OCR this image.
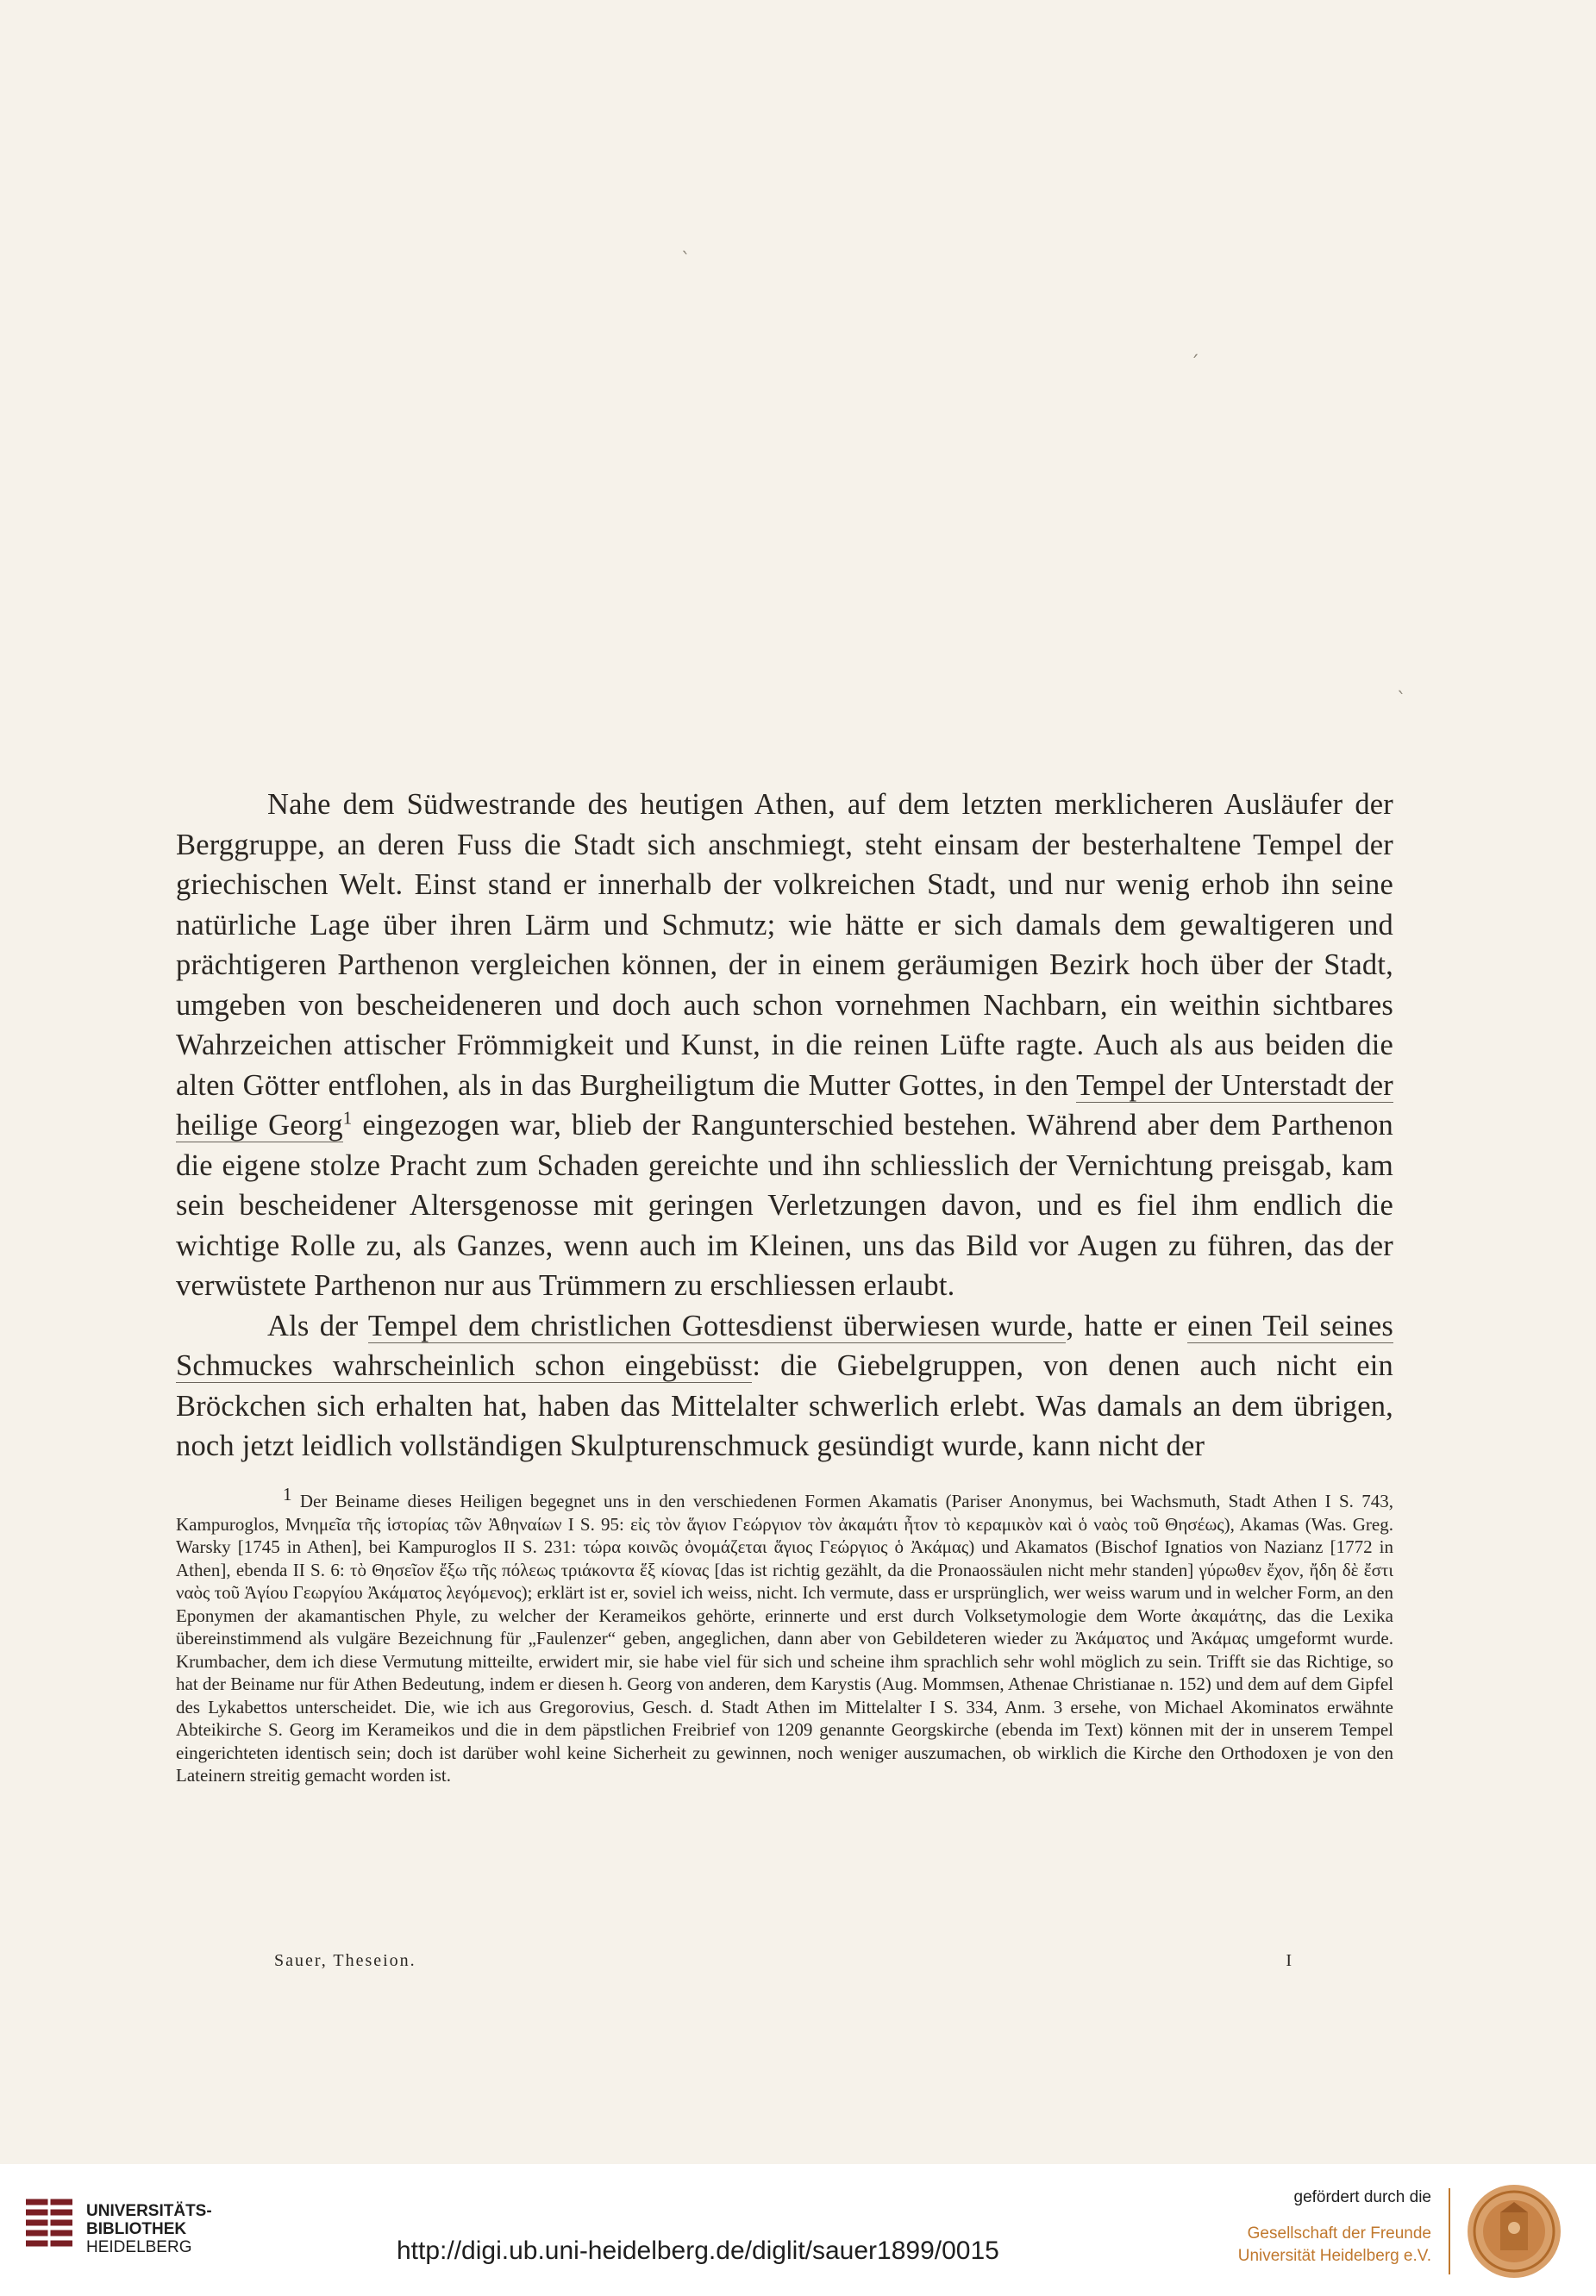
ˋ
ˊ
ˋ

Nahe dem Südwestrande des heutigen Athen, auf dem letzten merklicheren Ausläufer der Berggruppe, an deren Fuss die Stadt sich anschmiegt, steht einsam der besterhaltene Tempel der griechischen Welt. Einst stand er innerhalb der volkreichen Stadt, und nur wenig erhob ihn seine natürliche Lage über ihren Lärm und Schmutz; wie hätte er sich damals dem gewaltigeren und prächtigeren Parthenon vergleichen können, der in einem geräumigen Bezirk hoch über der Stadt, umgeben von bescheideneren und doch auch schon vornehmen Nachbarn, ein weithin sichtbares Wahrzeichen attischer Frömmigkeit und Kunst, in die reinen Lüfte ragte. Auch als aus beiden die alten Götter entflohen, als in das Burgheiligtum die Mutter Gottes, in den Tempel der Unterstadt der heilige Georg$^1$ eingezogen war, blieb der Rangunterschied bestehen. Während aber dem Parthenon die eigene stolze Pracht zum Schaden gereichte und ihn schliesslich der Vernichtung preisgab, kam sein bescheidener Altersgenosse mit geringen Verletzungen davon, und es fiel ihm endlich die wichtige Rolle zu, als Ganzes, wenn auch im Kleinen, uns das Bild vor Augen zu führen, das der verwüstete Parthenon nur aus Trümmern zu erschliessen erlaubt.

Als der Tempel dem christlichen Gottesdienst überwiesen wurde, hatte er einen Teil seines Schmuckes wahrscheinlich schon eingebüsst: die Giebelgruppen, von denen auch nicht ein Bröckchen sich erhalten hat, haben das Mittelalter schwerlich erlebt. Was damals an dem übrigen, noch jetzt leidlich vollständigen Skulpturenschmuck gesündigt wurde, kann nicht der

$^1$ Der Beiname dieses Heiligen begegnet uns in den verschiedenen Formen Akamatis (Pariser Anonymus, bei Wachsmuth, Stadt Athen I S. 743, Kampuroglos, Μνημεῖα τῆς ἱστορίας τῶν Ἀθηναίων I S. 95: εἰς τὸν ἅγιον Γεώργιον τὸν ἀκαμάτι ἦτον τὸ κεραμικὸν καὶ ὁ ναὸς τοῦ Θησέως), Akamas (Was. Greg. Warsky [1745 in Athen], bei Kampuroglos II S. 231: τώρα κοινῶς ὀνομάζεται ἅγιος Γεώργιος ὁ Ἀκάμας) und Akamatos (Bischof Ignatios von Nazianz [1772 in Athen], ebenda II S. 6: τὸ Θησεῖον ἔξω τῆς πόλεως τριάκοντα ἕξ κίονας [das ist richtig gezählt, da die Pronaossäulen nicht mehr standen] γύρωθεν ἔχον, ἤδη δὲ ἔστι ναὸς τοῦ Ἁγίου Γεωργίου Ἀκάματος λεγόμενος); erklärt ist er, soviel ich weiss, nicht. Ich vermute, dass er ursprünglich, wer weiss warum und in welcher Form, an den Eponymen der akamantischen Phyle, zu welcher der Kerameikos gehörte, erinnerte und erst durch Volksetymologie dem Worte ἀκαμάτης, das die Lexika übereinstimmend als vulgäre Bezeichnung für „Faulenzer“ geben, angeglichen, dann aber von Gebildeteren wieder zu Ἀκάματος und Ἀκάμας umgeformt wurde. Krumbacher, dem ich diese Vermutung mitteilte, erwidert mir, sie habe viel für sich und scheine ihm sprachlich sehr wohl möglich zu sein. Trifft sie das Richtige, so hat der Beiname nur für Athen Bedeutung, indem er diesen h. Georg von anderen, dem Karystis (Aug. Mommsen, Athenae Christianae n. 152) und dem auf dem Gipfel des Lykabettos unterscheidet. Die, wie ich aus Gregorovius, Gesch. d. Stadt Athen im Mittelalter I S. 334, Anm. 3 ersehe, von Michael Akominatos erwähnte Abteikirche S. Georg im Kerameikos und die in dem päpstlichen Freibrief von 1209 genannte Georgskirche (ebenda im Text) können mit der in unserem Tempel eingerichteten identisch sein; doch ist darüber wohl keine Sicherheit zu gewinnen, noch weniger auszumachen, ob wirklich die Kirche den Orthodoxen je von den Lateinern streitig gemacht worden ist.

Sauer, Theseion.	I
UNIVERSITÄTS-
BIBLIOTHEK
HEIDELBERG	http://digi.ub.uni-heidelberg.de/diglit/sauer1899/0015
gefördert durch die
Gesellschaft der Freunde
Universität Heidelberg e.V.
